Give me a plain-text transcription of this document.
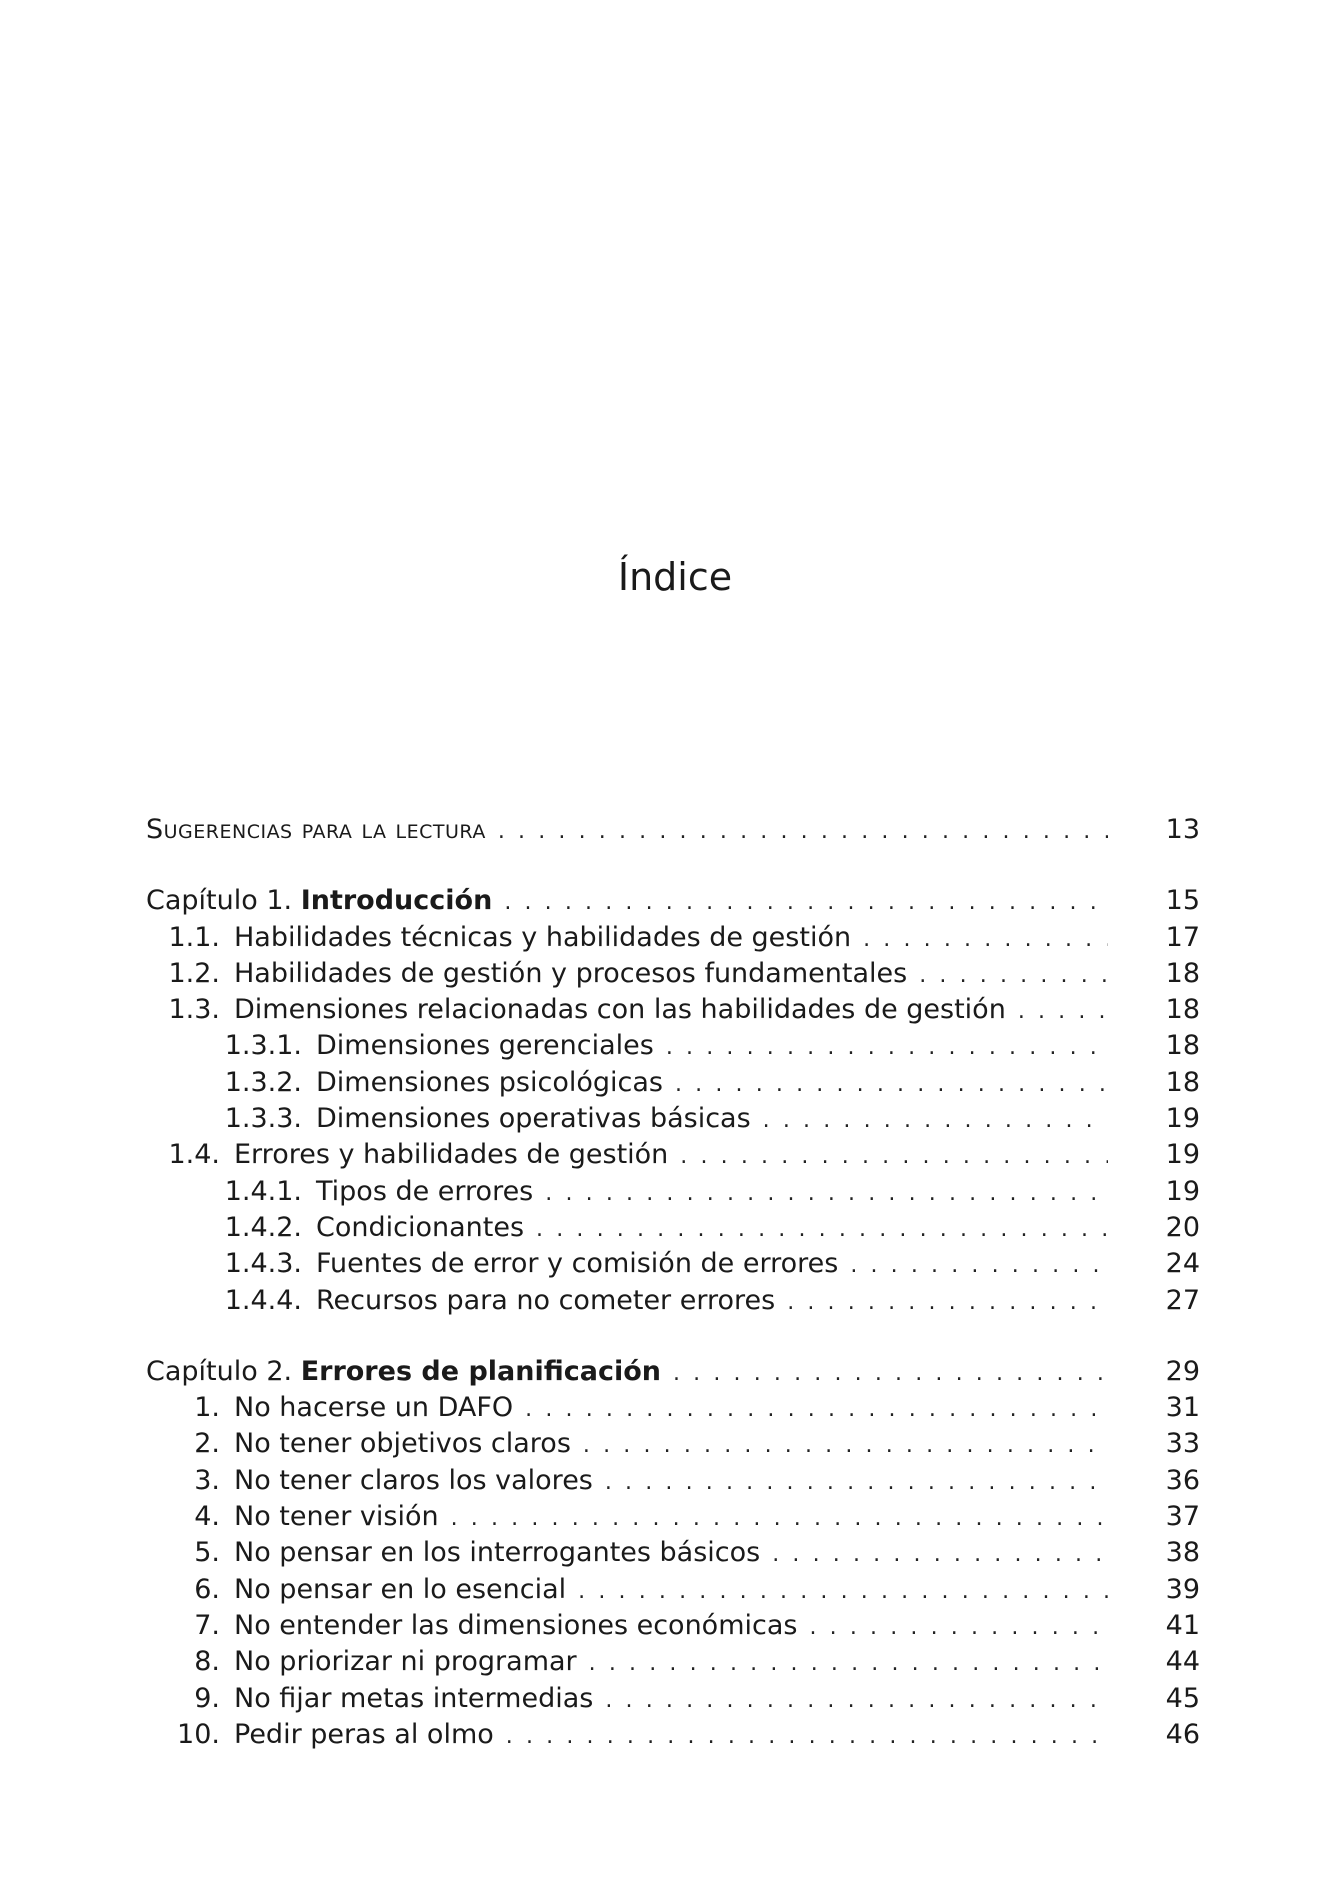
Índice
Sugerencias para la lectura . . .	13
Capítulo 1. Introducción . . .	15
1.1. Habilidades técnicas y habilidades de gestión . . .	17
1.2. Habilidades de gestión y procesos fundamentales . . .	18
1.3. Dimensiones relacionadas con las habilidades de gestión . . .	18
1.3.1. Dimensiones gerenciales . . .	18
1.3.2. Dimensiones psicológicas . . .	18
1.3.3. Dimensiones operativas básicas . . .	19
1.4. Errores y habilidades de gestión . . .	19
1.4.1. Tipos de errores . . .	19
1.4.2. Condicionantes . . .	20
1.4.3. Fuentes de error y comisión de errores . . .	24
1.4.4. Recursos para no cometer errores . . .	27
Capítulo 2. Errores de planificación . . .	29
1. No hacerse un DAFO . . .	31
2. No tener objetivos claros . . .	33
3. No tener claros los valores . . .	36
4. No tener visión . . .	37
5. No pensar en los interrogantes básicos . . .	38
6. No pensar en lo esencial . . .	39
7. No entender las dimensiones económicas . . .	41
8. No priorizar ni programar . . .	44
9. No fijar metas intermedias . . .	45
10. Pedir peras al olmo . . .	46
